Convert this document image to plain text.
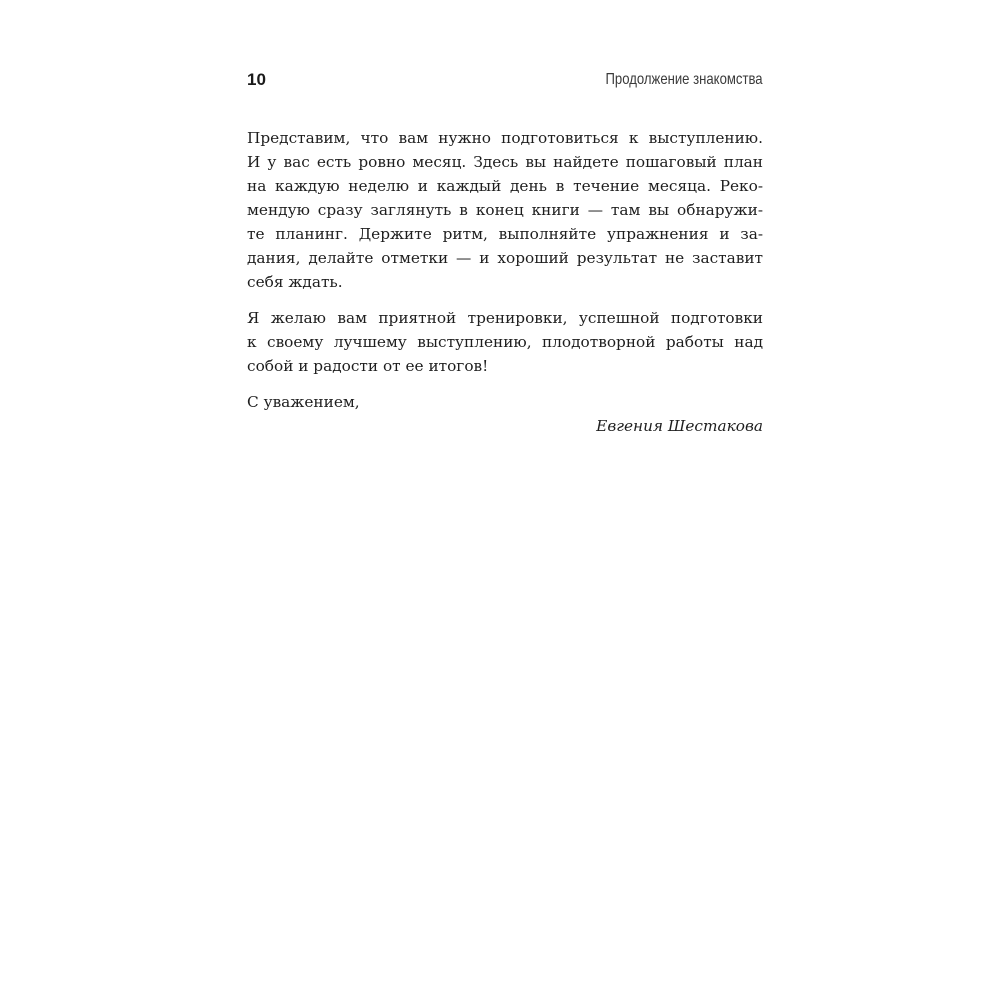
10	Продолжение знакомства
Представим, что вам нужно подготовиться к выступлению.
И у вас есть ровно месяц. Здесь вы найдете пошаговый план
на каждую неделю и каждый день в течение месяца. Реко-
мендую сразу заглянуть в конец книги — там вы обнаружи-
те планинг. Держите ритм, выполняйте упражнения и за-
дания, делайте отметки — и хороший результат не заставит
себя ждать.
Я желаю вам приятной тренировки, успешной подготовки
к своему лучшему выступлению, плодотворной работы над
собой и радости от ее итогов!
С уважением,
Евгения Шестакова
